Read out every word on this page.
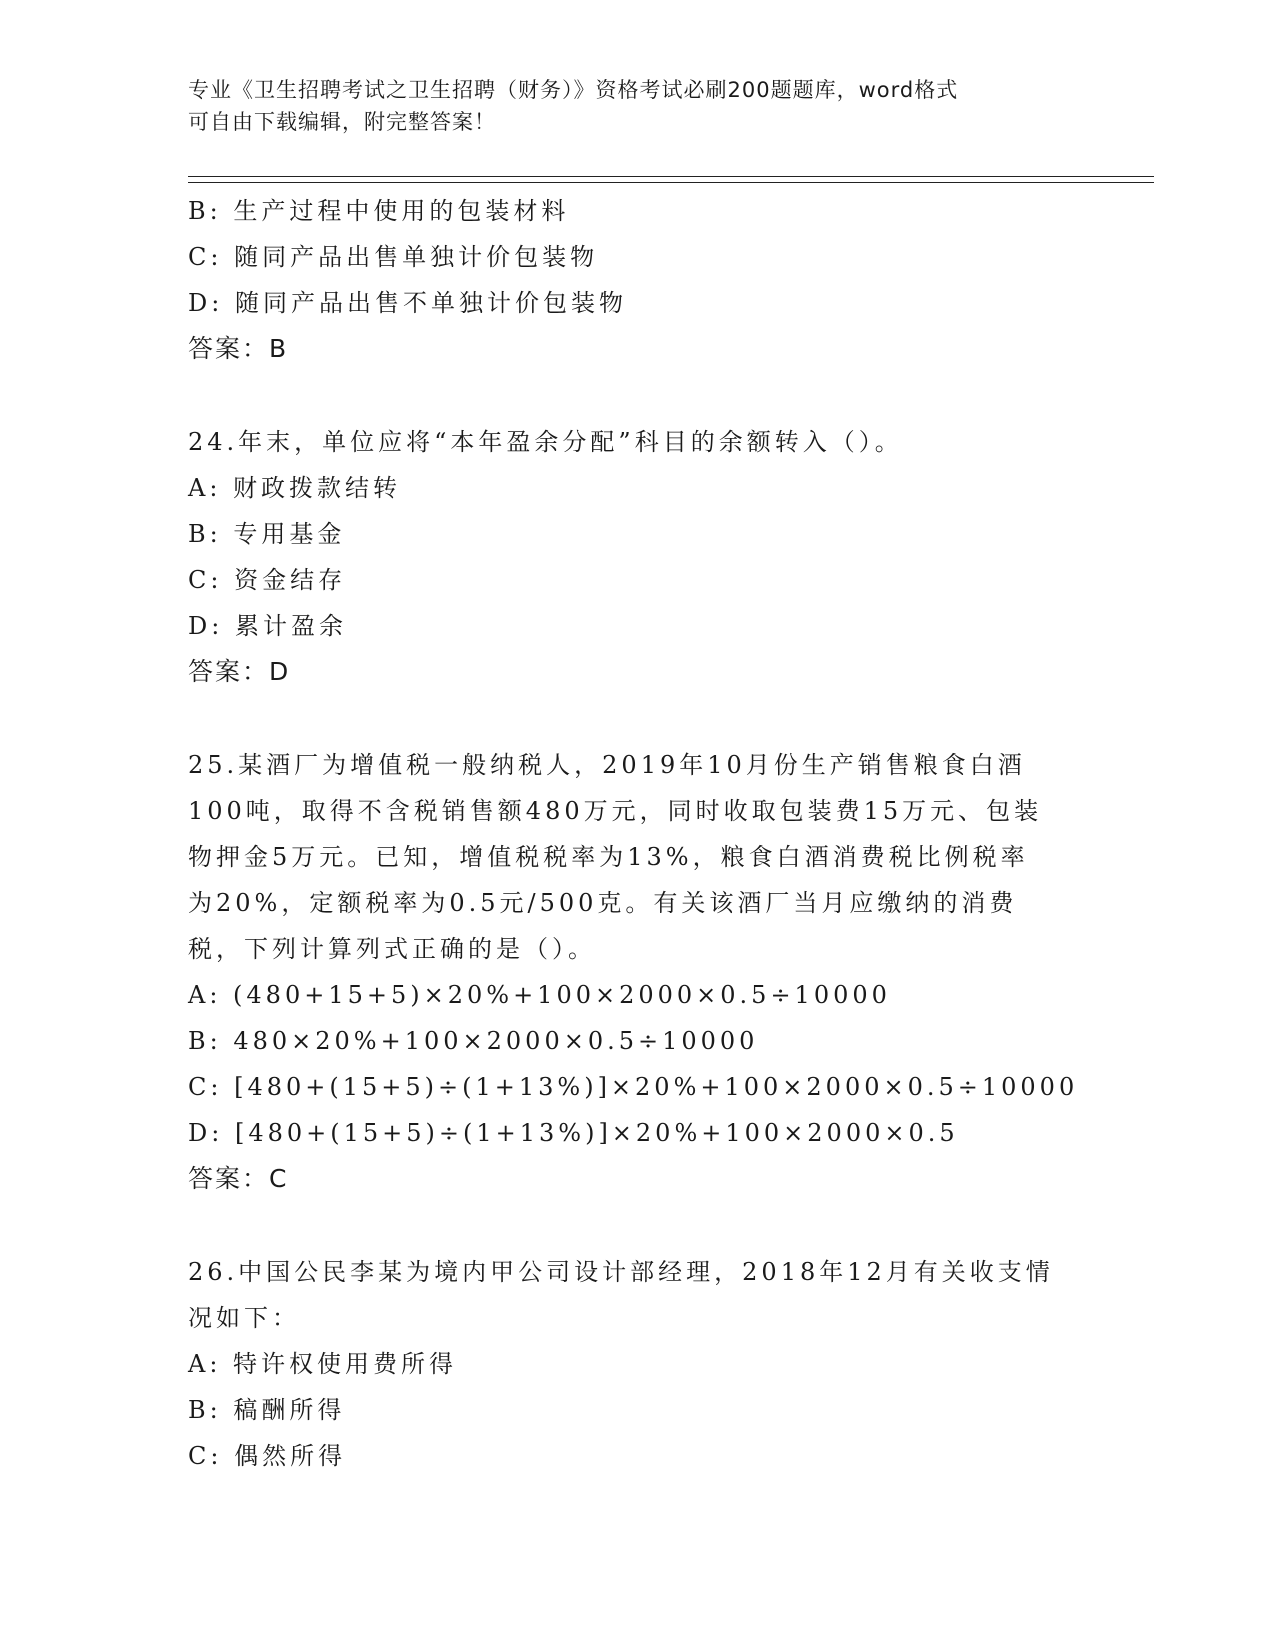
专业《卫生招聘考试之卫生招聘（财务）》资格考试必刷200题题库，word格式
可自由下载编辑，附完整答案！
B: 生产过程中使用的包装材料
C: 随同产品出售单独计价包装物
D: 随同产品出售不单独计价包装物
答案：B
24.年末，单位应将“本年盈余分配”科目的余额转入（）。
A: 财政拨款结转
B: 专用基金
C: 资金结存
D: 累计盈余
答案：D
25.某酒厂为增值税一般纳税人，2019年10月份生产销售粮食白酒
100吨，取得不含税销售额480万元，同时收取包装费15万元、包装
物押金5万元。已知，增值税税率为13%，粮食白酒消费税比例税率
为20%，定额税率为0.5元/500克。有关该酒厂当月应缴纳的消费
税，下列计算列式正确的是（）。
A: (480+15+5)×20%+100×2000×0.5÷10000
B: 480×20%+100×2000×0.5÷10000
C: [480+(15+5)÷(1+13%)]×20%+100×2000×0.5÷10000
D: [480+(15+5)÷(1+13%)]×20%+100×2000×0.5
答案：C
26.中国公民李某为境内甲公司设计部经理，2018年12月有关收支情
况如下：
A: 特许权使用费所得
B: 稿酬所得
C: 偶然所得
